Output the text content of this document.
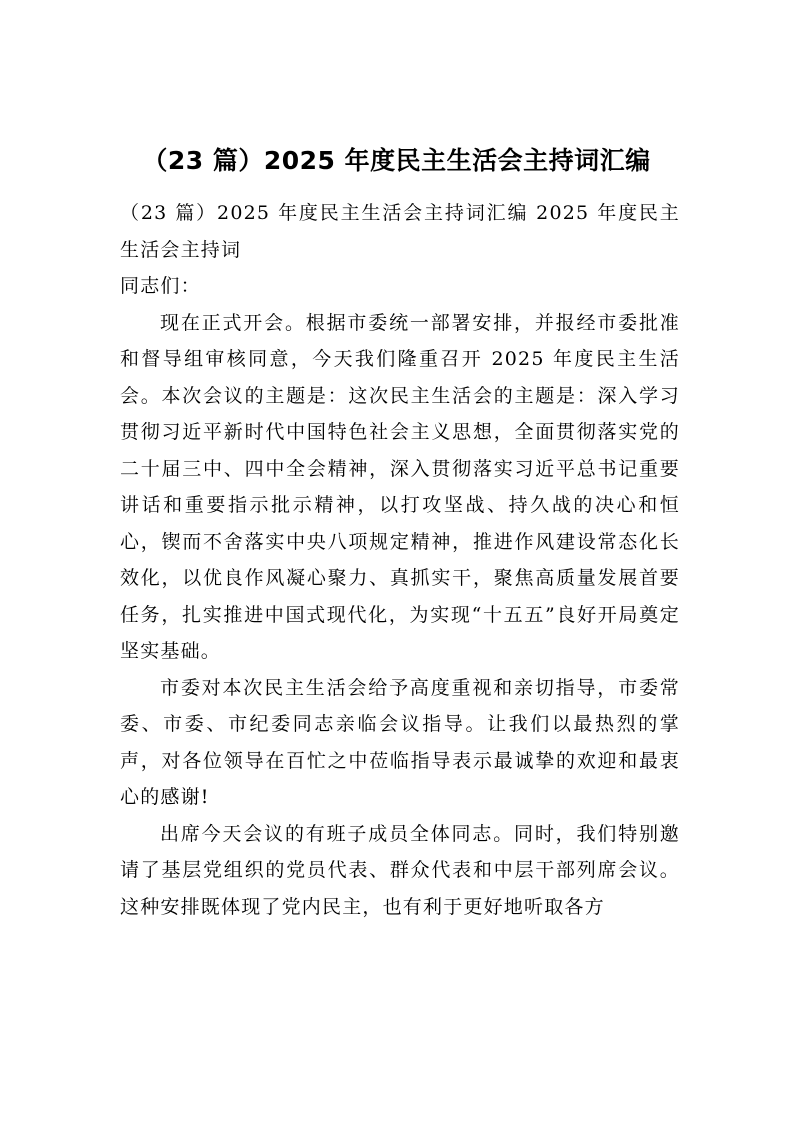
（23 篇）2025 年度民主生活会主持词汇编

（23 篇）2025 年度民主生活会主持词汇编 2025 年度民主生活会主持词

同志们：

现在正式开会。根据市委统一部署安排，并报经市委批准和督导组审核同意，今天我们隆重召开 2025 年度民主生活会。本次会议的主题是：这次民主生活会的主题是：深入学习贯彻习近平新时代中国特色社会主义思想，全面贯彻落实党的二十届三中、四中全会精神，深入贯彻落实习近平总书记重要讲话和重要指示批示精神，以打攻坚战、持久战的决心和恒心，锲而不舍落实中央八项规定精神，推进作风建设常态化长效化，以优良作风凝心聚力、真抓实干，聚焦高质量发展首要任务，扎实推进中国式现代化，为实现“十五五”良好开局奠定坚实基础。

市委对本次民主生活会给予高度重视和亲切指导，市委常委、市委、市纪委同志亲临会议指导。让我们以最热烈的掌声，对各位领导在百忙之中莅临指导表示最诚挚的欢迎和最衷心的感谢!

出席今天会议的有班子成员全体同志。同时，我们特别邀请了基层党组织的党员代表、群众代表和中层干部列席会议。这种安排既体现了党内民主，也有利于更好地听取各方
